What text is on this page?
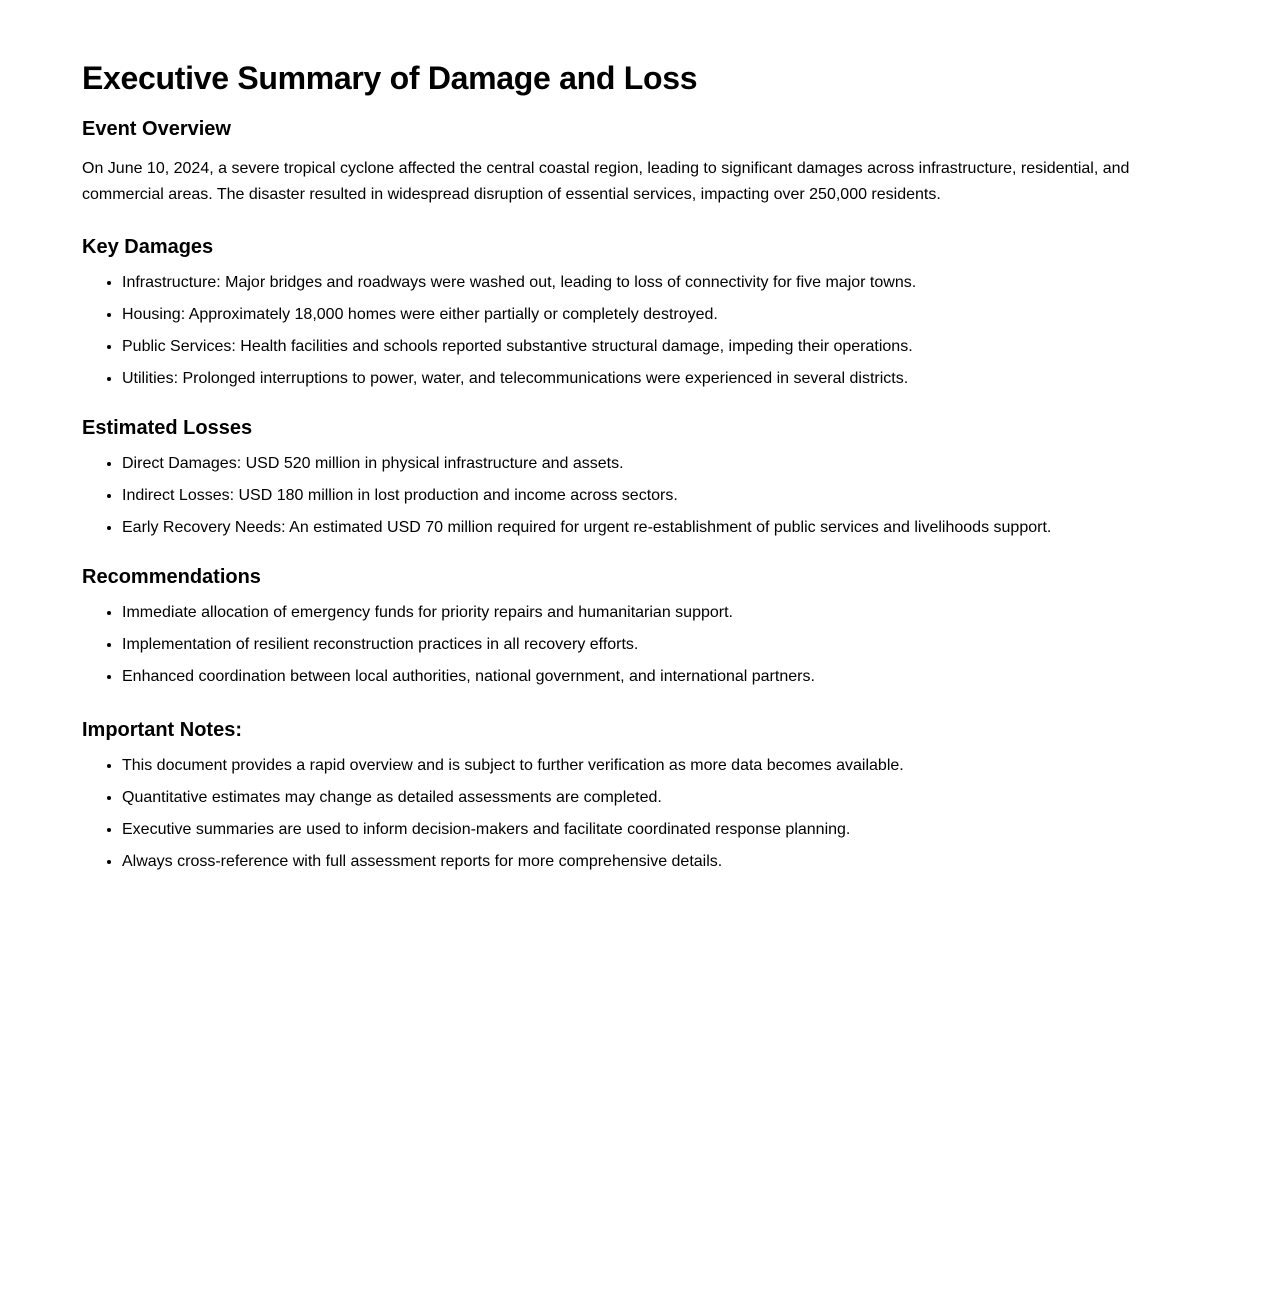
Executive Summary of Damage and Loss
Event Overview

On June 10, 2024, a severe tropical cyclone affected the central coastal region, leading to significant damages across infrastructure, residential, and commercial areas. The disaster resulted in widespread disruption of essential services, impacting over 250,000 residents.

Key Damages
• Infrastructure: Major bridges and roadways were washed out, leading to loss of connectivity for five major towns.
• Housing: Approximately 18,000 homes were either partially or completely destroyed.
• Public Services: Health facilities and schools reported substantive structural damage, impeding their operations.
• Utilities: Prolonged interruptions to power, water, and telecommunications were experienced in several districts.
Estimated Losses
• Direct Damages: USD 520 million in physical infrastructure and assets.
• Indirect Losses: USD 180 million in lost production and income across sectors.
• Early Recovery Needs: An estimated USD 70 million required for urgent re-establishment of public services and livelihoods support.
Recommendations
• Immediate allocation of emergency funds for priority repairs and humanitarian support.
• Implementation of resilient reconstruction practices in all recovery efforts.
• Enhanced coordination between local authorities, national government, and international partners.
Important Notes:
• This document provides a rapid overview and is subject to further verification as more data becomes available.
• Quantitative estimates may change as detailed assessments are completed.
• Executive summaries are used to inform decision-makers and facilitate coordinated response planning.
• Always cross-reference with full assessment reports for more comprehensive details.
